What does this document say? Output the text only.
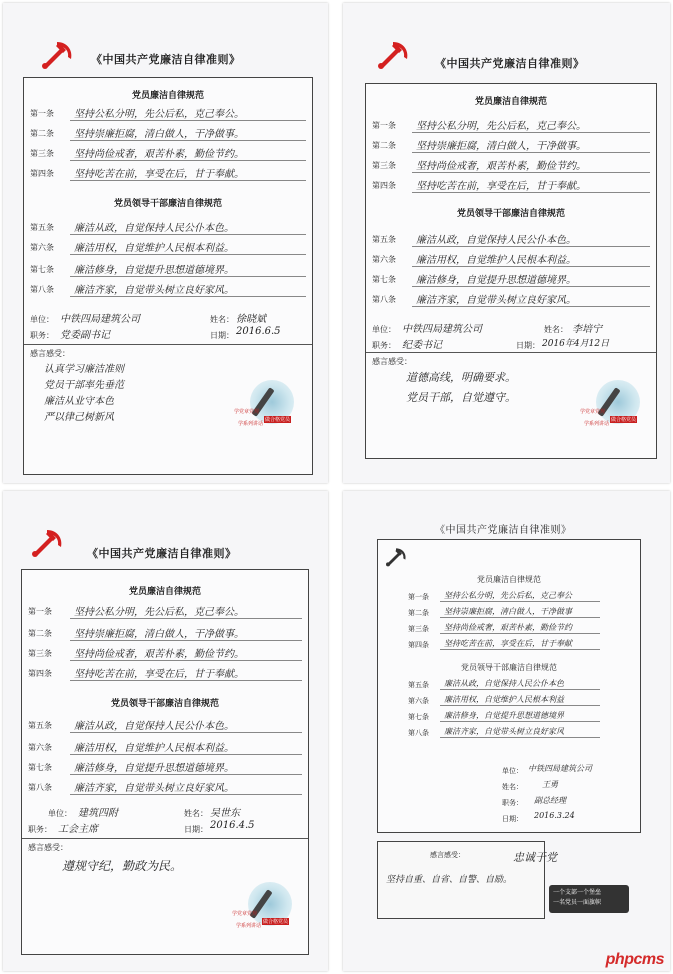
《中国共产党廉洁自律准则》
党员廉洁自律规范
第一条 坚持公私分明，先公后私，克己奉公。
第二条 坚持崇廉拒腐，清白做人，干净做事。
第三条 坚持尚俭戒奢，艰苦朴素，勤俭节约。
第四条 坚持吃苦在前，享受在后，甘于奉献。
党员领导干部廉洁自律规范
第五条 廉洁从政，自觉保持人民公仆本色。
第六条 廉洁用权，自觉维护人民根本利益。
第七条 廉洁修身，自觉提升思想道德境界。
第八条 廉洁齐家，自觉带头树立良好家风。
单位： 中铁四局建筑公司	姓名： 徐晓斌
职务： 党委副书记	日期： 2016.6.5
感言感受：
认真学习廉洁准则
党员干部率先垂范
廉洁从业守本色
严以律己树新风	学党章党规
做合格党员
学系列讲话
《中国共产党廉洁自律准则》
党员廉洁自律规范
第一条 坚持公私分明，先公后私，克己奉公。
第二条 坚持崇廉拒腐，清白做人，干净做事。
第三条 坚持尚俭戒奢，艰苦朴素，勤俭节约。
第四条 坚持吃苦在前，享受在后，甘于奉献。
党员领导干部廉洁自律规范
第五条 廉洁从政，自觉保持人民公仆本色。
第六条 廉洁用权，自觉维护人民根本利益。
第七条 廉洁修身，自觉提升思想道德境界。
第八条 廉洁齐家，自觉带头树立良好家风。
单位： 中铁四局建筑公司	姓名： 李培宁
职务： 纪委书记	日期： 2016年4月12日
感言感受：
道德高线，明确要求。
党员干部，自觉遵守。
学党章党规
做合格党员
学系列讲话
《中国共产党廉洁自律准则》
党员廉洁自律规范
第一条 坚持公私分明，先公后私，克己奉公。
第二条 坚持崇廉拒腐，清白做人，干净做事。
第三条 坚持尚俭戒奢，艰苦朴素，勤俭节约。
第四条 坚持吃苦在前，享受在后，甘于奉献。
党员领导干部廉洁自律规范
第五条 廉洁从政，自觉保持人民公仆本色。
第六条 廉洁用权，自觉维护人民根本利益。
第七条 廉洁修身，自觉提升思想道德境界。
第八条 廉洁齐家，自觉带头树立良好家风。
单位： 建筑四附	姓名： 吴世东
职务： 工会主席	日期： 2016.4.5
感言感受：
遵规守纪，勤政为民。
学党章党规
做合格党员
学系列讲话
《中国共产党廉洁自律准则》
党员廉洁自律规范
第一条 坚持公私分明，先公后私，克己奉公
第二条 坚持崇廉拒腐，清白做人，干净做事
第三条 坚持尚俭戒奢，艰苦朴素，勤俭节约
第四条 坚持吃苦在前，享受在后，甘于奉献
党员领导干部廉洁自律规范
第五条 廉洁从政，自觉保持人民公仆本色
第六条 廉洁用权，自觉维护人民根本利益
第七条 廉洁修身，自觉提升思想道德境界
第八条 廉洁齐家，自觉带头树立良好家风
单位： 中铁四局建筑公司
姓名： 王勇
职务： 副总经理
日期： 2016.3.24
感言感受：
坚持自重、自省、自警、自励。
忠诚于党
一个支部一个堡垒
一名党员一面旗帜
phpcms
